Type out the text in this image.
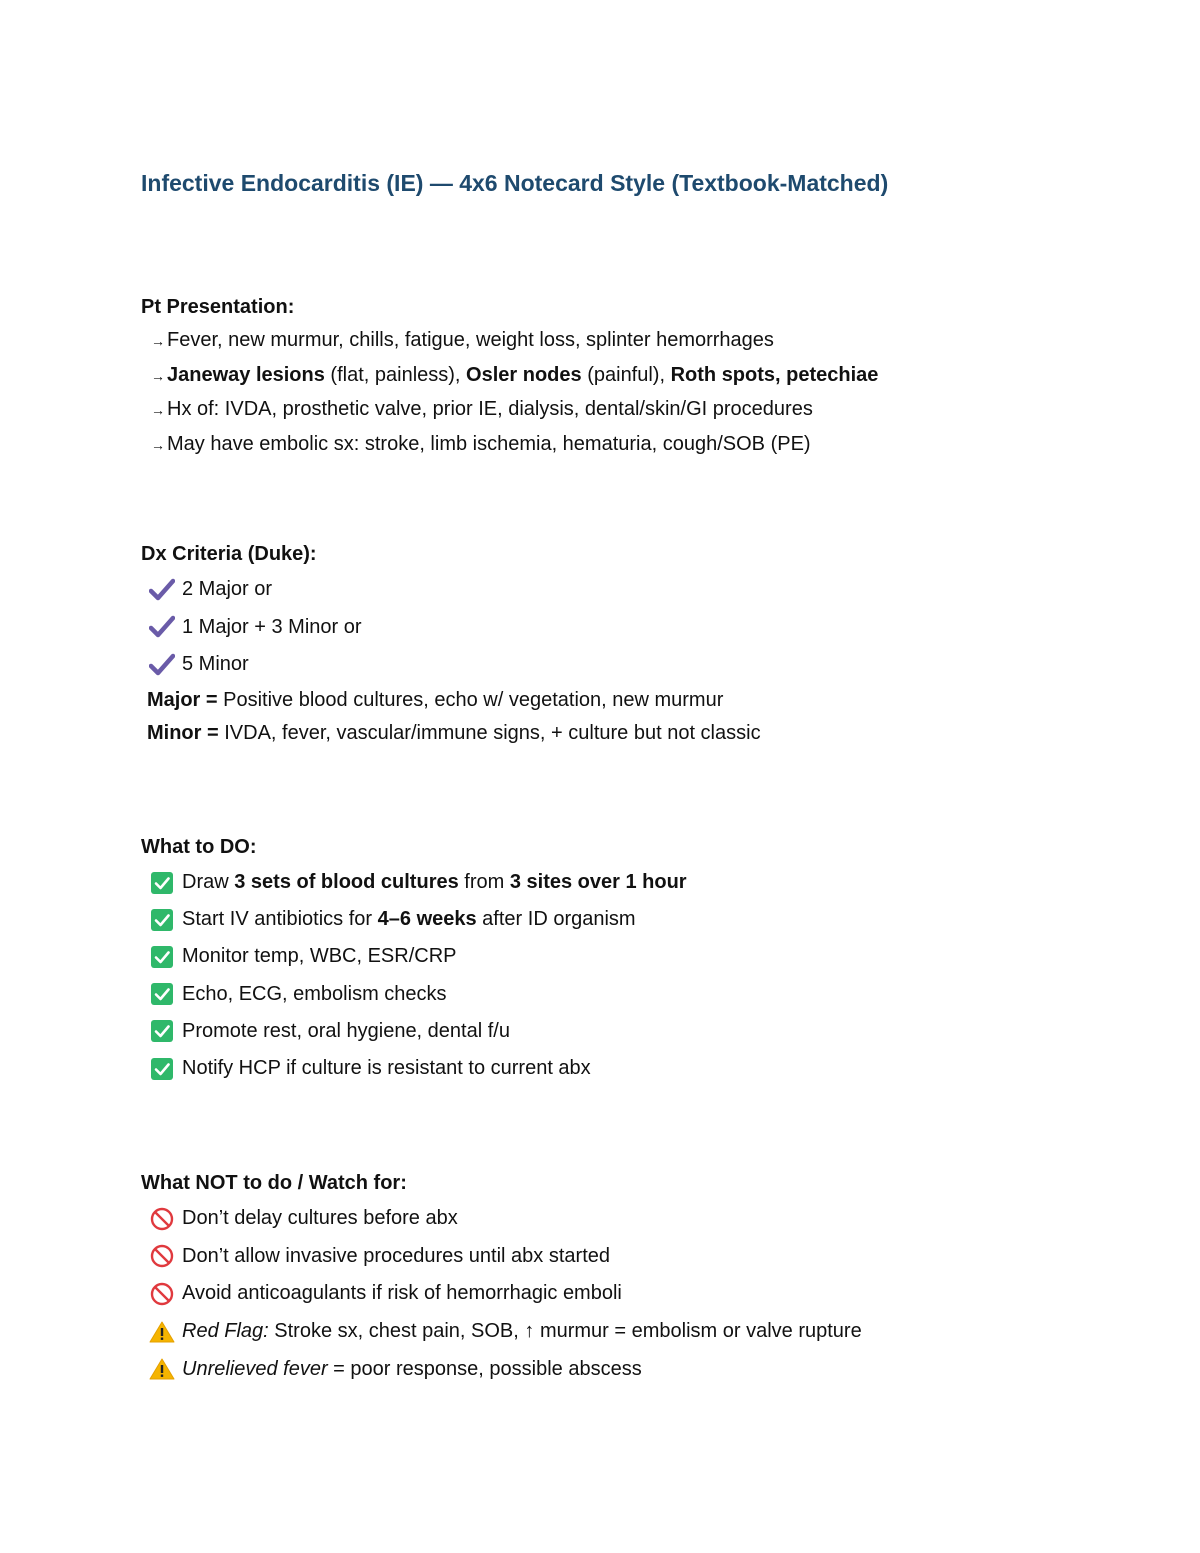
Infective Endocarditis (IE) — 4x6 Notecard Style (Textbook-Matched)
Pt Presentation:
→ Fever, new murmur, chills, fatigue, weight loss, splinter hemorrhages
→ Janeway lesions (flat, painless), Osler nodes (painful), Roth spots, petechiae
→ Hx of: IVDA, prosthetic valve, prior IE, dialysis, dental/skin/GI procedures
→ May have embolic sx: stroke, limb ischemia, hematuria, cough/SOB (PE)
Dx Criteria (Duke):
2 Major or
1 Major + 3 Minor or
5 Minor
Major = Positive blood cultures, echo w/ vegetation, new murmur
Minor = IVDA, fever, vascular/immune signs, + culture but not classic
What to DO:
Draw 3 sets of blood cultures from 3 sites over 1 hour
Start IV antibiotics for 4–6 weeks after ID organism
Monitor temp, WBC, ESR/CRP
Echo, ECG, embolism checks
Promote rest, oral hygiene, dental f/u
Notify HCP if culture is resistant to current abx
What NOT to do / Watch for:
Don’t delay cultures before abx
Don’t allow invasive procedures until abx started
Avoid anticoagulants if risk of hemorrhagic emboli
Red Flag: Stroke sx, chest pain, SOB, ↑ murmur = embolism or valve rupture
Unrelieved fever = poor response, possible abscess
